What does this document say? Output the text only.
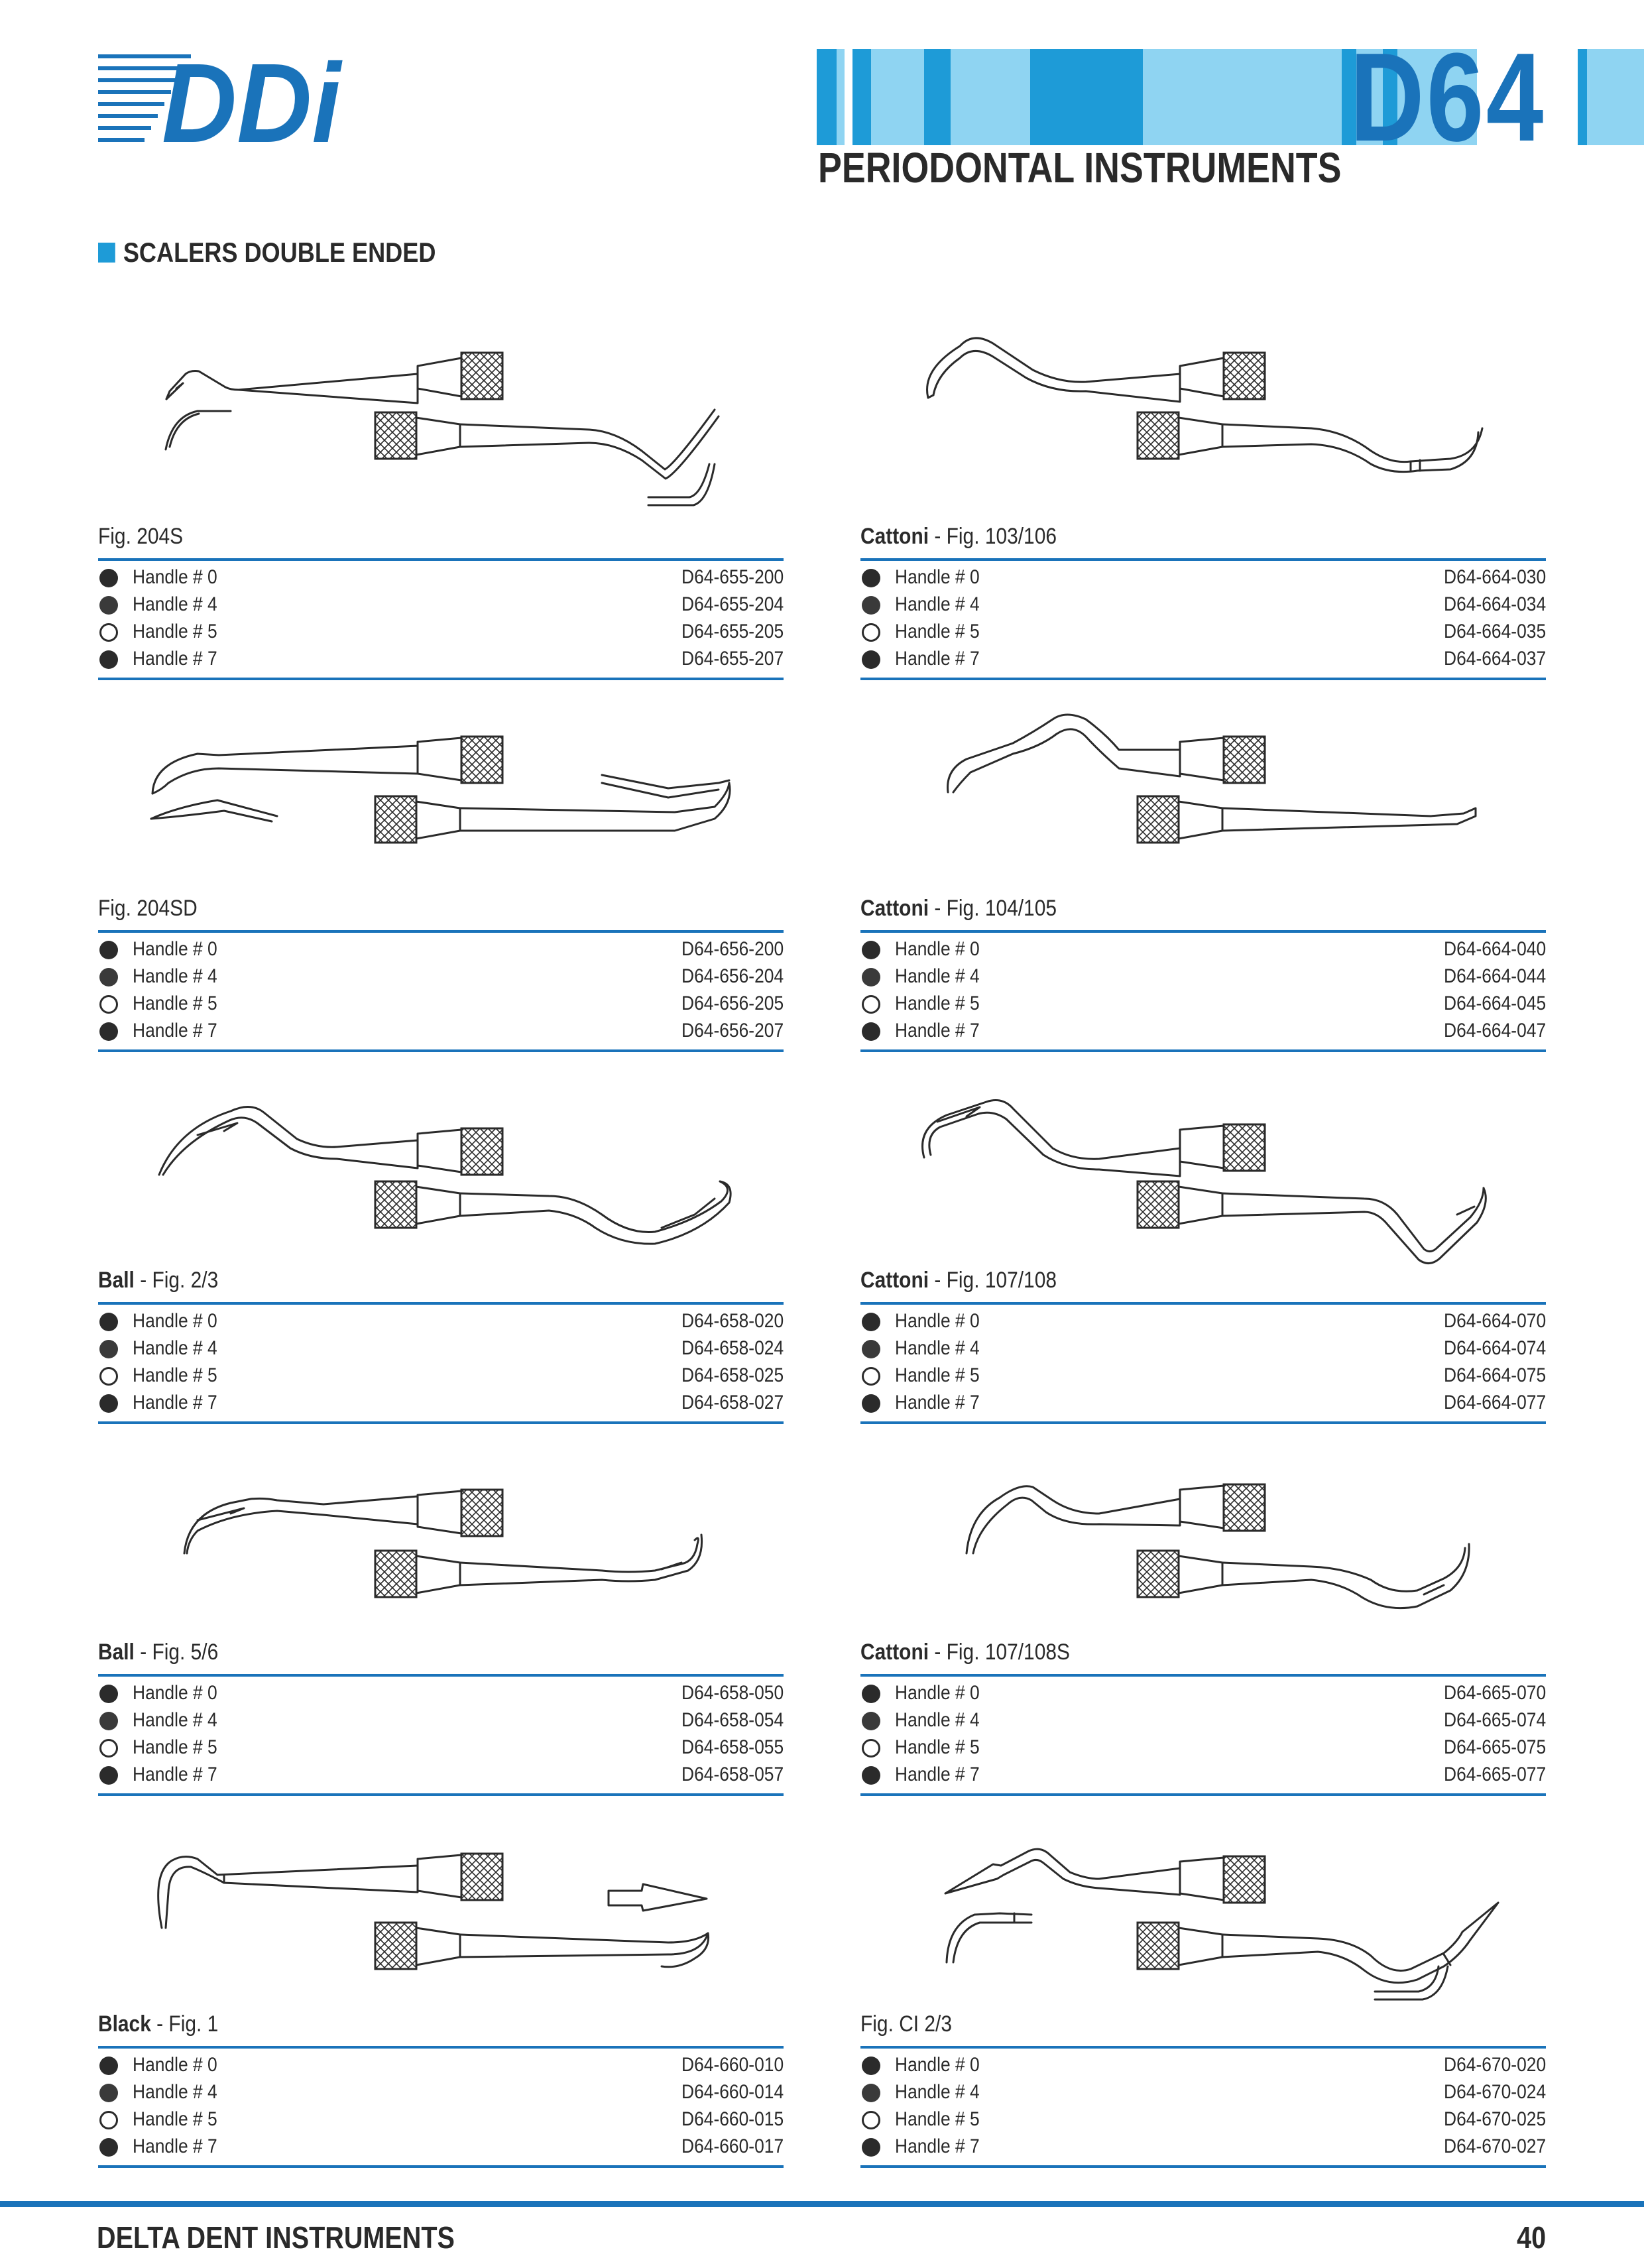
DDi	D64
PERIODONTAL INSTRUMENTS
SCALERS DOUBLE ENDED
Fig. 204S
Handle # 0	D64-655-200
Handle # 4	D64-655-204
Handle # 5	D64-655-205
Handle # 7	D64-655-207
Cattoni - Fig. 103/106
Handle # 0	D64-664-030
Handle # 4	D64-664-034
Handle # 5	D64-664-035
Handle # 7	D64-664-037
Fig. 204SD
Handle # 0	D64-656-200
Handle # 4	D64-656-204
Handle # 5	D64-656-205
Handle # 7	D64-656-207
Cattoni - Fig. 104/105
Handle # 0	D64-664-040
Handle # 4	D64-664-044
Handle # 5	D64-664-045
Handle # 7	D64-664-047
Ball - Fig. 2/3
Handle # 0	D64-658-020
Handle # 4	D64-658-024
Handle # 5	D64-658-025
Handle # 7	D64-658-027
Cattoni - Fig. 107/108
Handle # 0	D64-664-070
Handle # 4	D64-664-074
Handle # 5	D64-664-075
Handle # 7	D64-664-077
Ball - Fig. 5/6
Handle # 0	D64-658-050
Handle # 4	D64-658-054
Handle # 5	D64-658-055
Handle # 7	D64-658-057
Cattoni - Fig. 107/108S
Handle # 0	D64-665-070
Handle # 4	D64-665-074
Handle # 5	D64-665-075
Handle # 7	D64-665-077
Black - Fig. 1
Handle # 0	D64-660-010
Handle # 4	D64-660-014
Handle # 5	D64-660-015
Handle # 7	D64-660-017
Fig. CI 2/3
Handle # 0	D64-670-020
Handle # 4	D64-670-024
Handle # 5	D64-670-025
Handle # 7	D64-670-027
DELTA DENT INSTRUMENTS	40
